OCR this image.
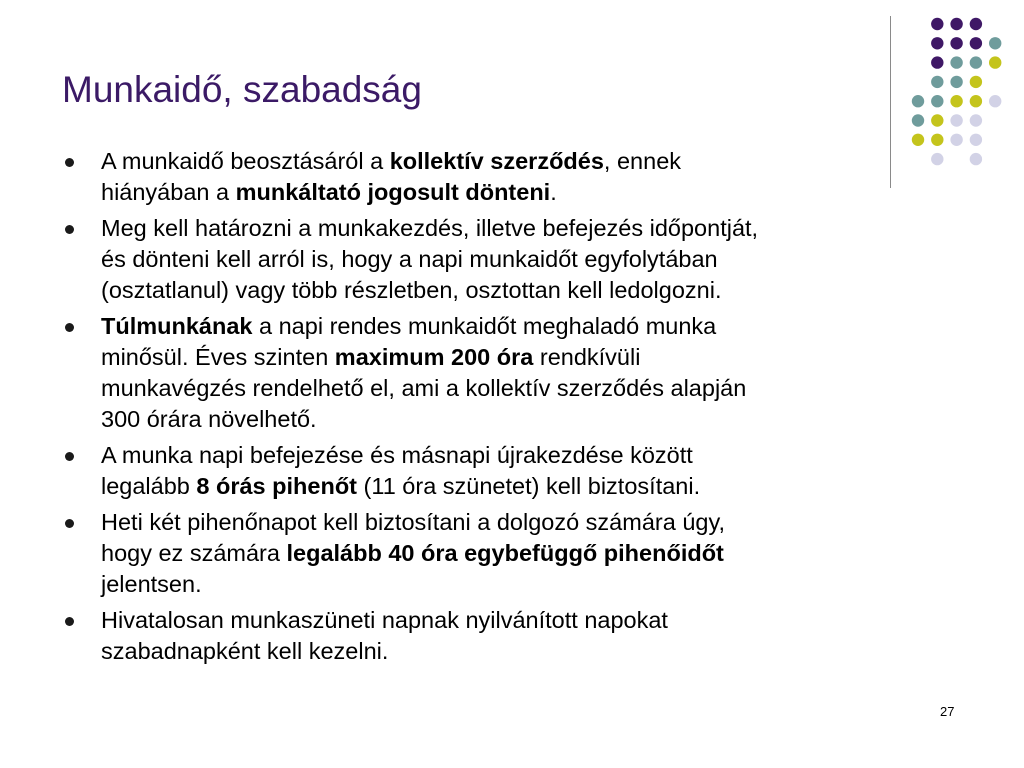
Munkaidő, szabadság
A munkaidő beosztásáról a kollektív szerződés, ennek
hiányában a munkáltató jogosult dönteni.
Meg kell határozni a munkakezdés, illetve befejezés időpontját,
és dönteni kell arról is, hogy a napi munkaidőt egyfolytában
(osztatlanul) vagy több részletben, osztottan kell ledolgozni.
Túlmunkának a napi rendes munkaidőt meghaladó munka
minősül. Éves szinten maximum 200 óra rendkívüli
munkavégzés rendelhető el, ami a kollektív szerződés alapján
300 órára növelhető.
A munka napi befejezése és másnapi újrakezdése között
legalább 8 órás pihenőt (11 óra szünetet) kell biztosítani.
Heti két pihenőnapot kell biztosítani a dolgozó számára úgy,
hogy ez számára legalább 40 óra egybefüggő pihenőidőt
jelentsen.
Hivatalosan munkaszüneti napnak nyilvánított napokat
szabadnapként kell kezelni.
27
